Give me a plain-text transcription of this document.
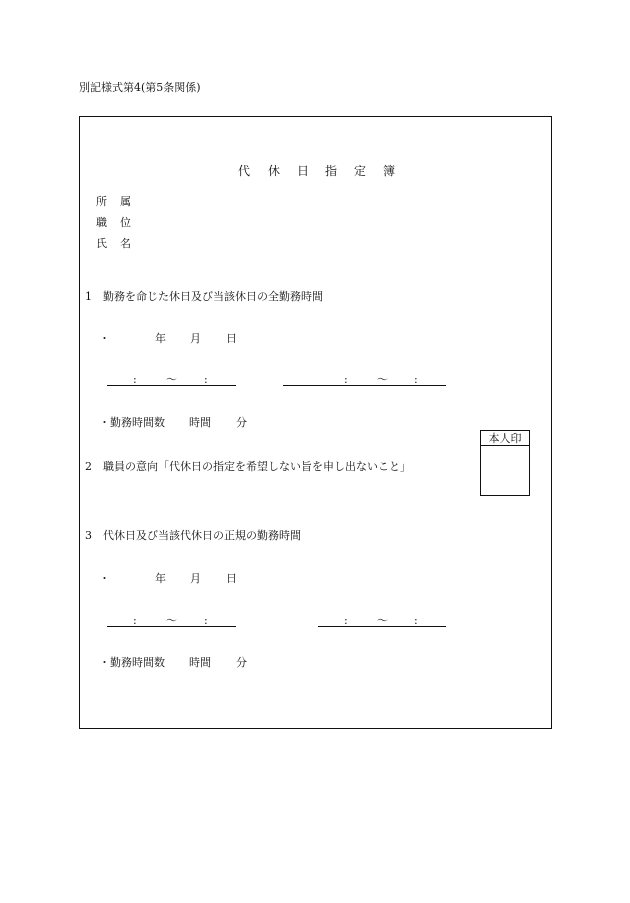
別記様式第4(第5条関係)
代 休 日 指 定 簿
所 属
職 位
氏 名
1　勤務を命じた休日及び当該休日の全勤務時間
・	年 月 日
:	〜 :	:	〜 :
・勤務時間数 時間 分
本人印
2　職員の意向「代休日の指定を希望しない旨を申し出ないこと」
3　代休日及び当該代休日の正規の勤務時間
・	年 月 日
:	〜 :	:	〜 :
・勤務時間数 時間 分
